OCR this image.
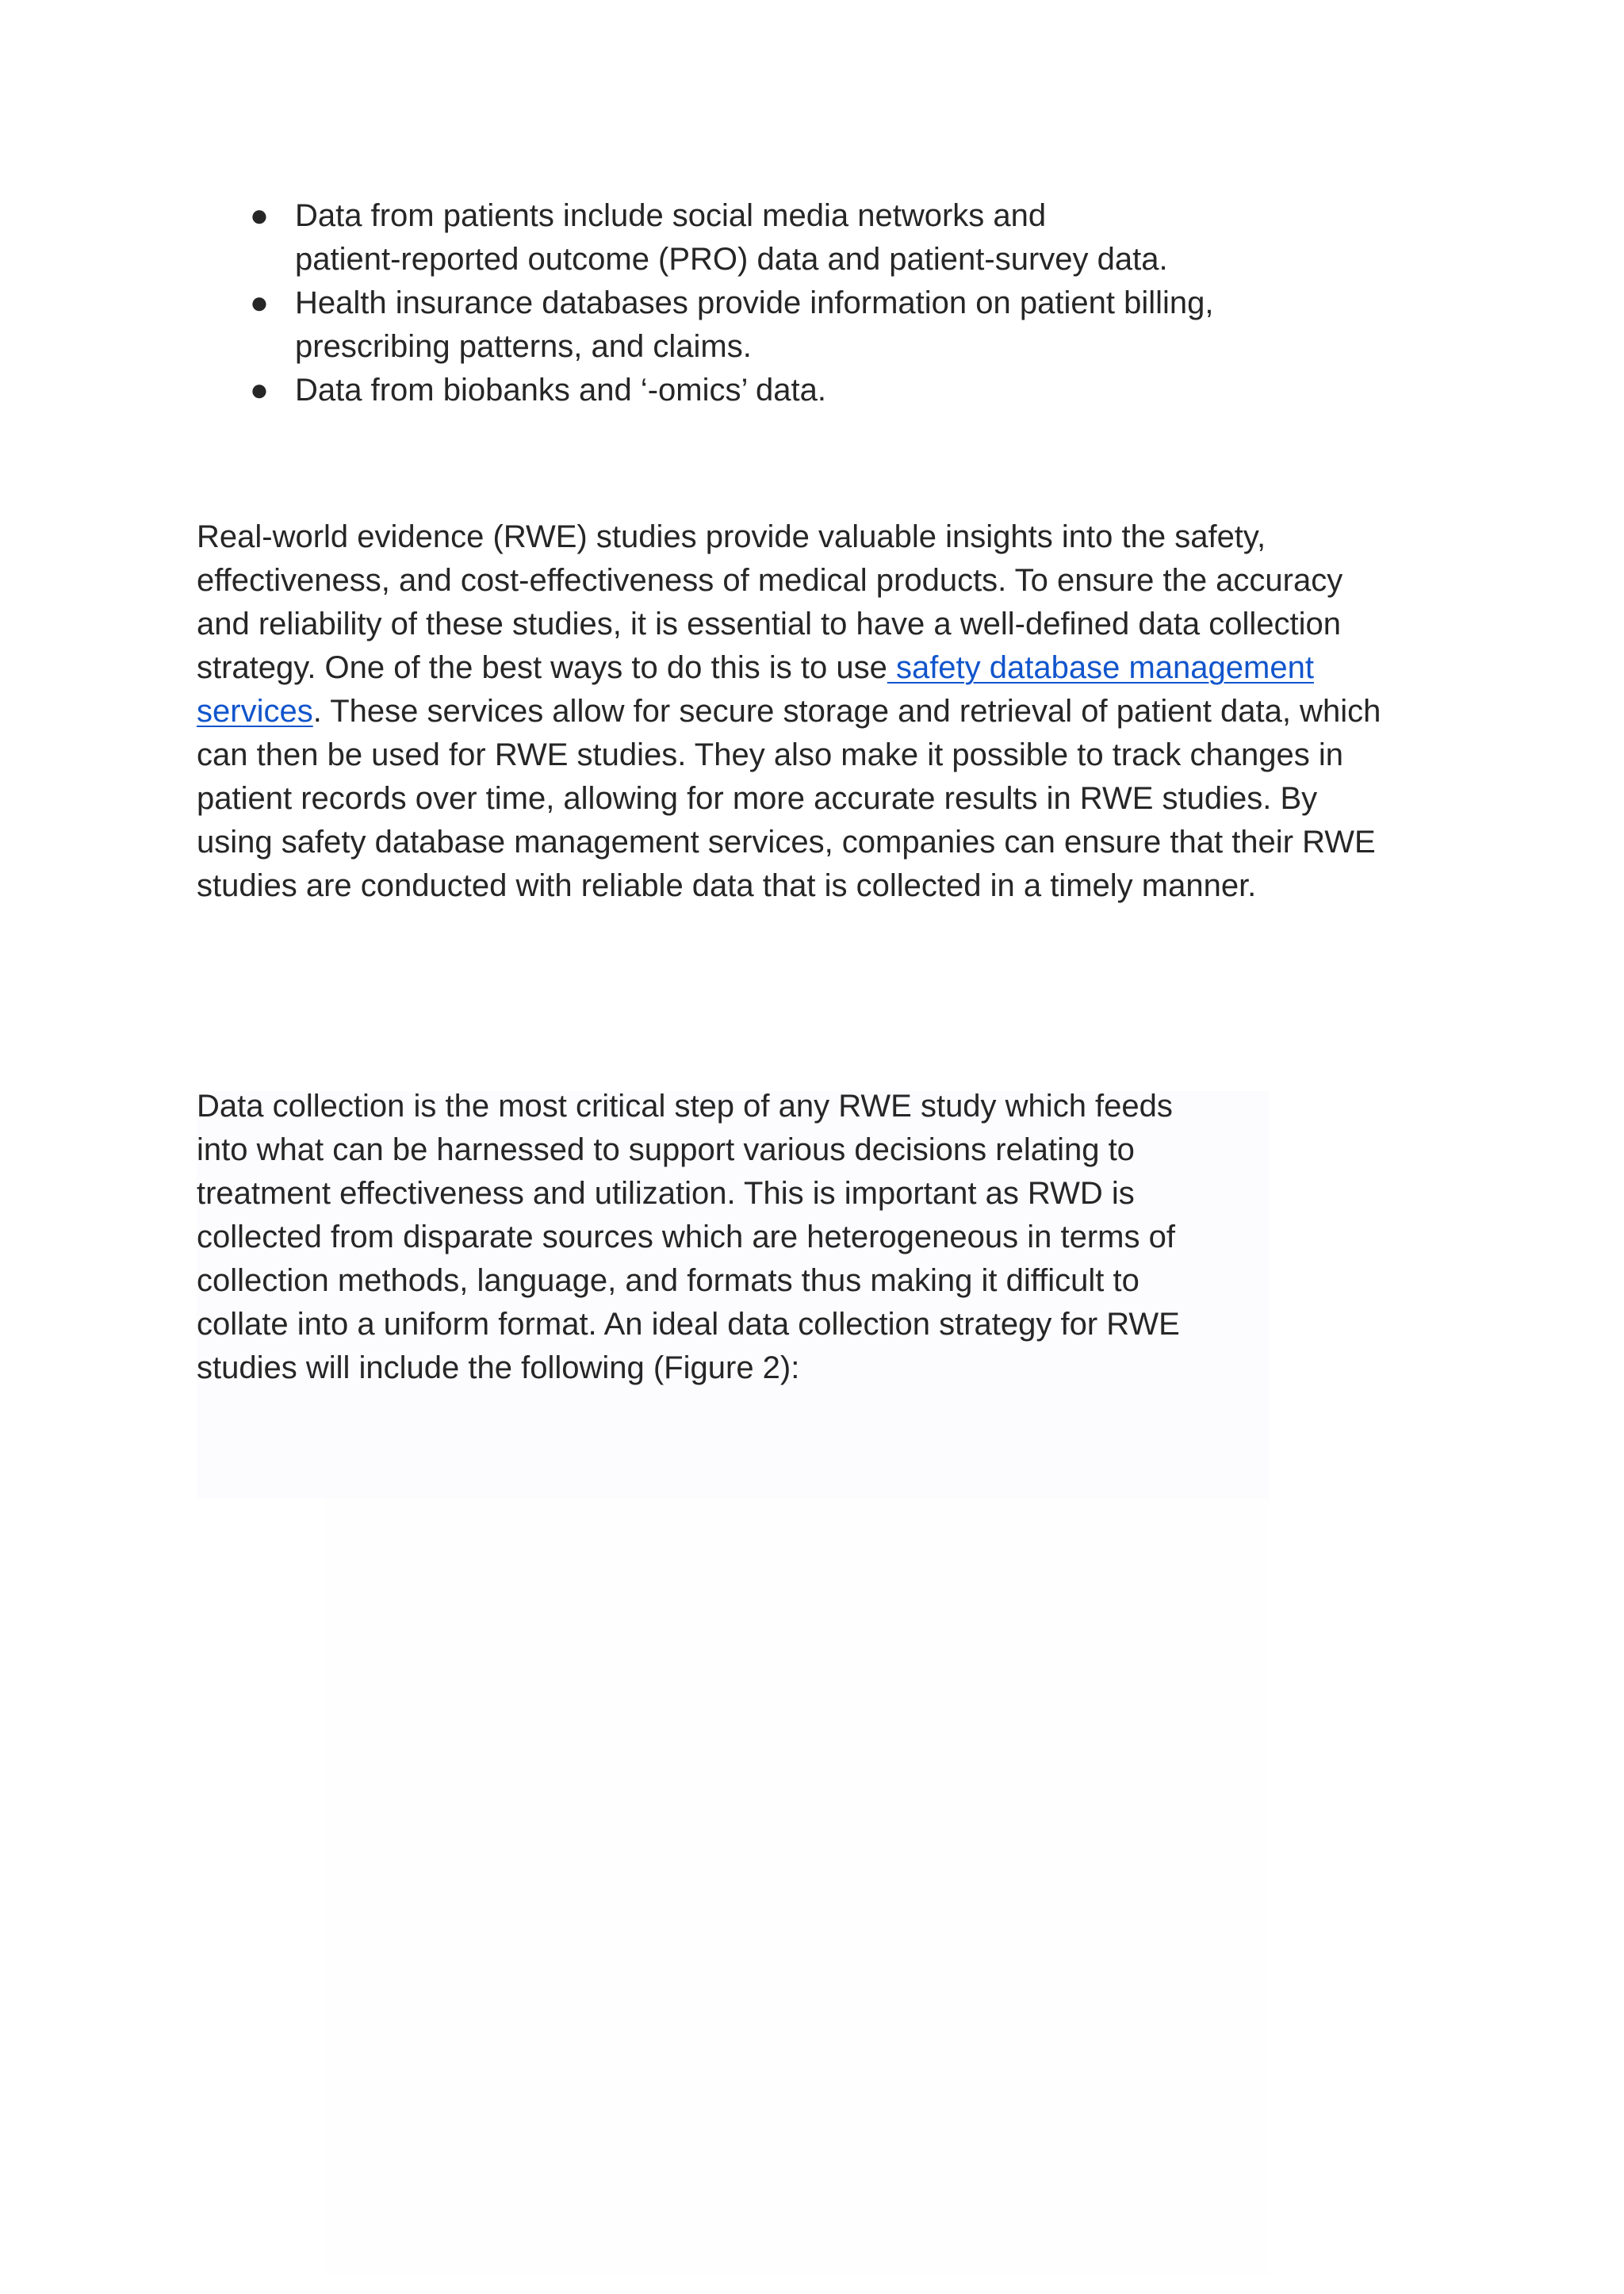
● Data from patients include social media networks and
patient-reported outcome (PRO) data and patient-survey data.
● Health insurance databases provide information on patient billing,
prescribing patterns, and claims.
● Data from biobanks and ‘-omics’ data.

Real-world evidence (RWE) studies provide valuable insights into the safety,
effectiveness, and cost-effectiveness of medical products. To ensure the accuracy
and reliability of these studies, it is essential to have a well-defined data collection
strategy. One of the best ways to do this is to use safety database management
services. These services allow for secure storage and retrieval of patient data, which
can then be used for RWE studies. They also make it possible to track changes in
patient records over time, allowing for more accurate results in RWE studies. By
using safety database management services, companies can ensure that their RWE
studies are conducted with reliable data that is collected in a timely manner.

Data collection is the most critical step of any RWE study which feeds
into what can be harnessed to support various decisions relating to
treatment effectiveness and utilization. This is important as RWD is
collected from disparate sources which are heterogeneous in terms of
collection methods, language, and formats thus making it difficult to
collate into a uniform format. An ideal data collection strategy for RWE
studies will include the following (Figure 2):
